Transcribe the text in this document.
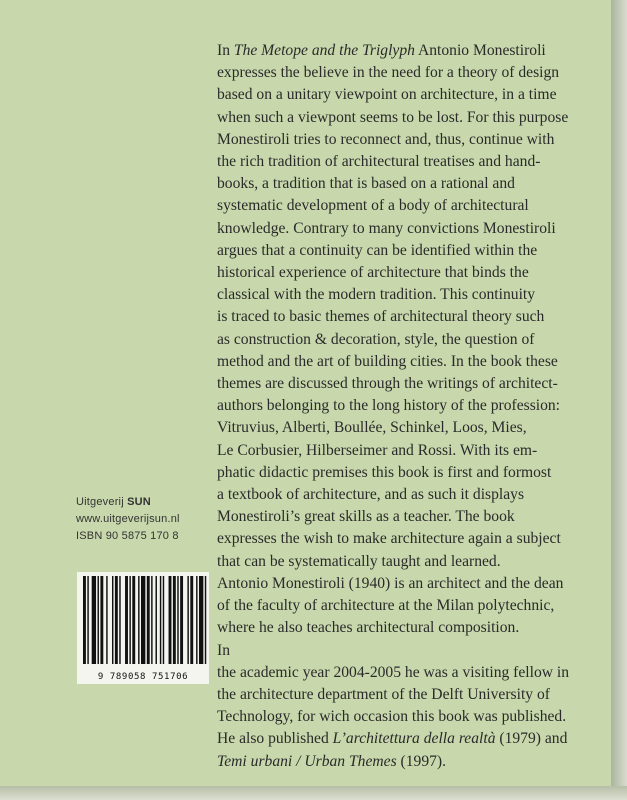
In The Metope and the Triglyph Antonio Monestiroli
expresses the believe in the need for a theory of design
based on a unitary viewpoint on architecture, in a time
when such a viewpont seems to be lost. For this purpose
Monestiroli tries to reconnect and, thus, continue with
the rich tradition of architectural treatises and hand-
books, a tradition that is based on a rational and
systematic development of a body of architectural
knowledge. Contrary to many convictions Monestiroli
argues that a continuity can be identified within the
historical experience of architecture that binds the
classical with the modern tradition. This continuity
is traced to basic themes of architectural theory such
as construction & decoration, style, the question of
method and the art of building cities. In the book these
themes are discussed through the writings of architect-
authors belonging to the long history of the profession:
Vitruvius, Alberti, Boullée, Schinkel, Loos, Mies,
Le Corbusier, Hilberseimer and Rossi. With its em-
phatic didactic premises this book is first and formost
a textbook of architecture, and as such it displays
Monestiroli’s great skills as a teacher. The book
expresses the wish to make architecture again a subject
that can be systematically taught and learned.
Antonio Monestiroli (1940) is an architect and the dean
of the faculty of architecture at the Milan polytechnic,
where he also teaches architectural composition.
In
the academic year 2004-2005 he was a visiting fellow in
the architecture department of the Delft University of
Technology, for wich occasion this book was published.
He also published L’architettura della realtà (1979) and
Temi urbani / Urban Themes (1997).
Uitgeverij SUN
www.uitgeverijsun.nl
ISBN 90 5875 170 8
9 789058 751706
